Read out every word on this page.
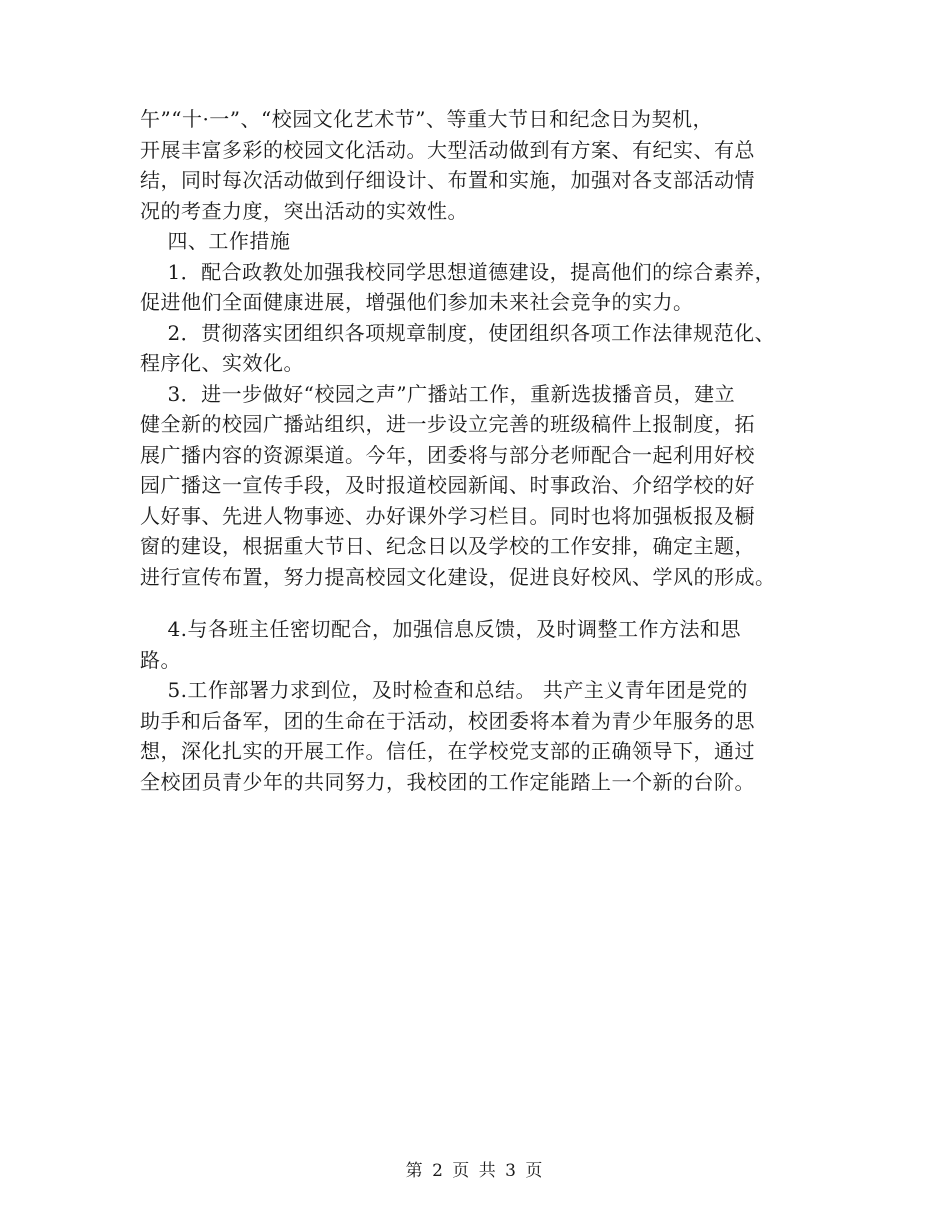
午”“十·一”、“校园文化艺术节”、等重大节日和纪念日为契机，
开展丰富多彩的校园文化活动。大型活动做到有方案、有纪实、有总
结，同时每次活动做到仔细设计、布置和实施，加强对各支部活动情
况的考查力度，突出活动的实效性。

四、工作措施

1．配合政教处加强我校同学思想道德建设，提高他们的综合素养，
促进他们全面健康进展，增强他们参加未来社会竞争的实力。

2．贯彻落实团组织各项规章制度，使团组织各项工作法律规范化、
程序化、实效化。

3．进一步做好“校园之声”广播站工作，重新选拔播音员，建立
健全新的校园广播站组织，进一步设立完善的班级稿件上报制度，拓
展广播内容的资源渠道。今年，团委将与部分老师配合一起利用好校
园广播这一宣传手段，及时报道校园新闻、时事政治、介绍学校的好
人好事、先进人物事迹、办好课外学习栏目。同时也将加强板报及橱
窗的建设，根据重大节日、纪念日以及学校的工作安排，确定主题，
进行宣传布置，努力提高校园文化建设，促进良好校风、学风的形成。

4.与各班主任密切配合，加强信息反馈，及时调整工作方法和思
路。

5.工作部署力求到位，及时检查和总结。 共产主义青年团是党的
助手和后备军，团的生命在于活动，校团委将本着为青少年服务的思
想，深化扎实的开展工作。信任，在学校党支部的正确领导下，通过
全校团员青少年的共同努力，我校团的工作定能踏上一个新的台阶。

第 2 页 共 3 页
